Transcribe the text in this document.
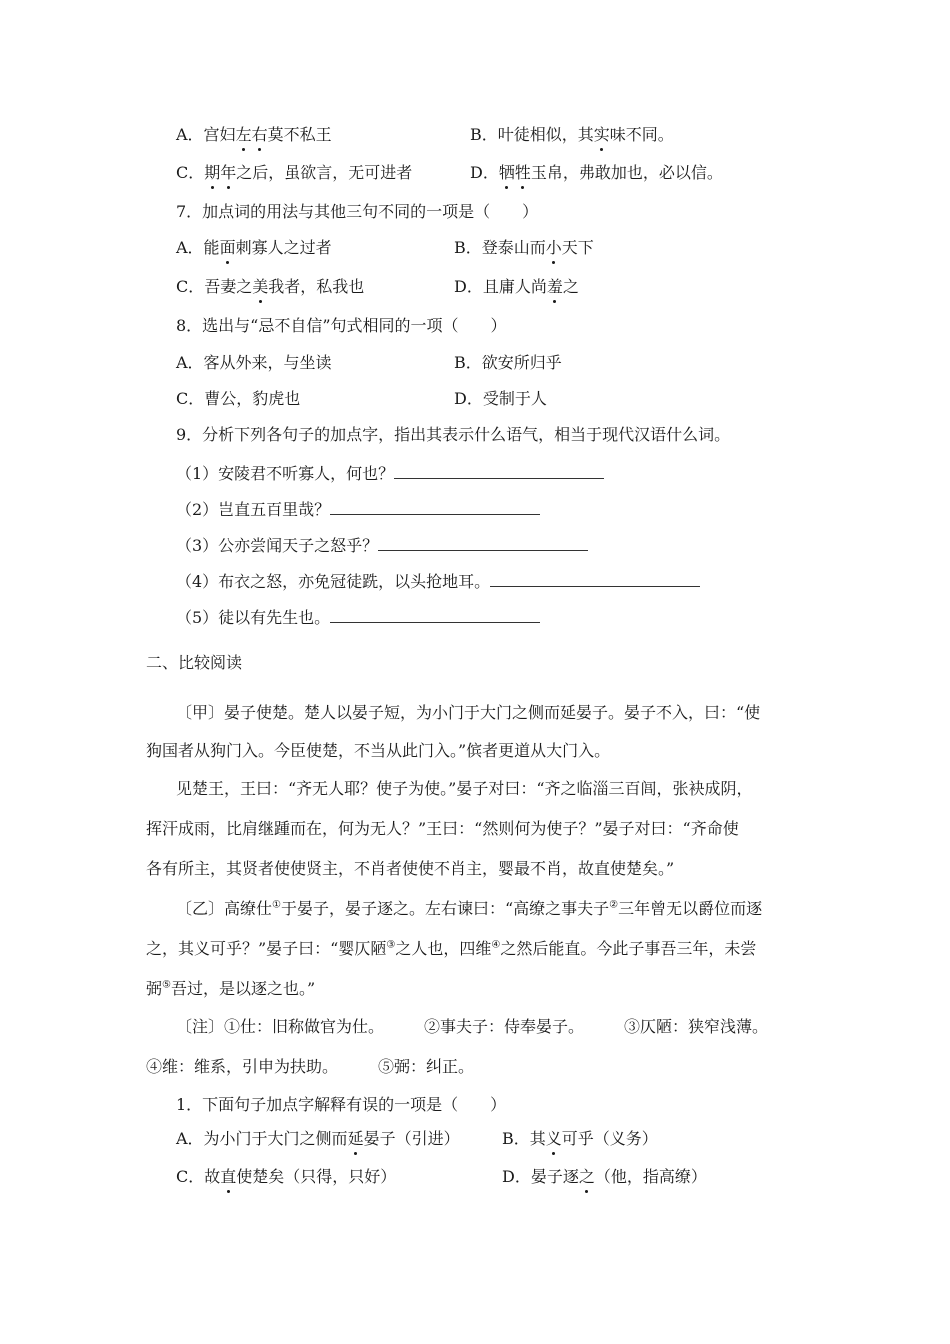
A．宫妇左右莫不私王	B．叶徒相似，其实味不同。
C．期年之后，虽欲言，无可进者	D．牺牲玉帛，弗敢加也，必以信。
7．加点词的用法与其他三句不同的一项是（　　）
A．能面刺寡人之过者	B．登泰山而小天下
C．吾妻之美我者，私我也	D．且庸人尚羞之
8．选出与“忌不自信”句式相同的一项（　　）
A．客从外来，与坐读	B．欲安所归乎
C．曹公，豹虎也	D．受制于人
9．分析下列各句子的加点字，指出其表示什么语气，相当于现代汉语什么词。
（1）安陵君不听寡人，何也？
（2）岂直五百里哉？
（3）公亦尝闻天子之怒乎？
（4）布衣之怒，亦免冠徒跣，以头抢地耳。
（5）徒以有先生也。
二、比较阅读
〔甲〕晏子使楚。楚人以晏子短，为小门于大门之侧而延晏子。晏子不入，曰：“使
狗国者从狗门入。今臣使楚，不当从此门入。”傧者更道从大门入。
见楚王，王曰：“齐无人耶？使子为使。”晏子对曰：“齐之临淄三百闾，张袂成阴，
挥汗成雨，比肩继踵而在，何为无人？”王曰：“然则何为使子？”晏子对曰：“齐命使
各有所主，其贤者使使贤主，不肖者使使不肖主，婴最不肖，故直使楚矣。”
〔乙〕高缭仕①于晏子，晏子逐之。左右谏曰：“高缭之事夫子②三年曾无以爵位而逐
之，其义可乎？”晏子曰：“婴仄陋③之人也，四维④之然后能直。今此子事吾三年，未尝
弼⑤吾过，是以逐之也。”
〔注〕①仕：旧称做官为仕。	②事夫子：侍奉晏子。	③仄陋：狭窄浅薄。
④维：维系，引申为扶助。	⑤弼：纠正。
1．下面句子加点字解释有误的一项是（　　）
A．为小门于大门之侧而延晏子（引进）	B．其义可乎（义务）
C．故直使楚矣（只得，只好）	D．晏子逐之（他，指高缭）
